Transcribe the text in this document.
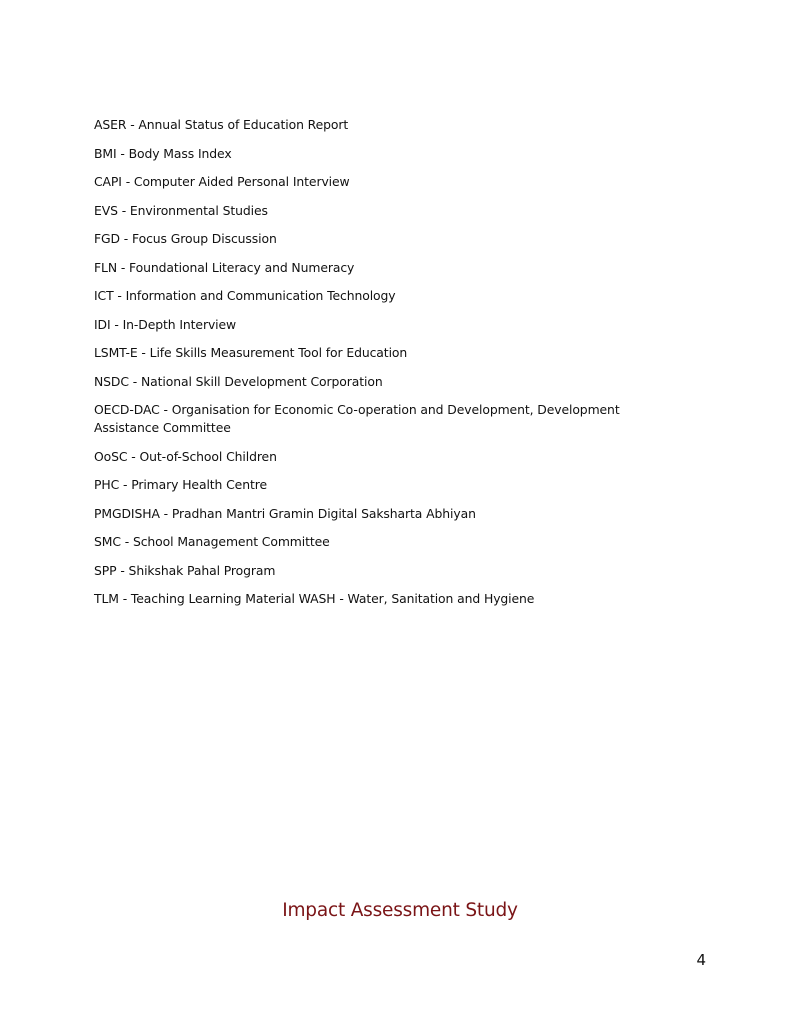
ASER - Annual Status of Education Report
BMI - Body Mass Index
CAPI - Computer Aided Personal Interview
EVS - Environmental Studies
FGD - Focus Group Discussion
FLN - Foundational Literacy and Numeracy
ICT - Information and Communication Technology
IDI - In-Depth Interview
LSMT-E - Life Skills Measurement Tool for Education
NSDC - National Skill Development Corporation
OECD-DAC - Organisation for Economic Co-operation and Development, Development Assistance Committee
OoSC - Out-of-School Children
PHC - Primary Health Centre
PMGDISHA - Pradhan Mantri Gramin Digital Saksharta Abhiyan
SMC - School Management Committee
SPP - Shikshak Pahal Program
TLM - Teaching Learning Material WASH - Water, Sanitation and Hygiene
Impact Assessment Study
4
